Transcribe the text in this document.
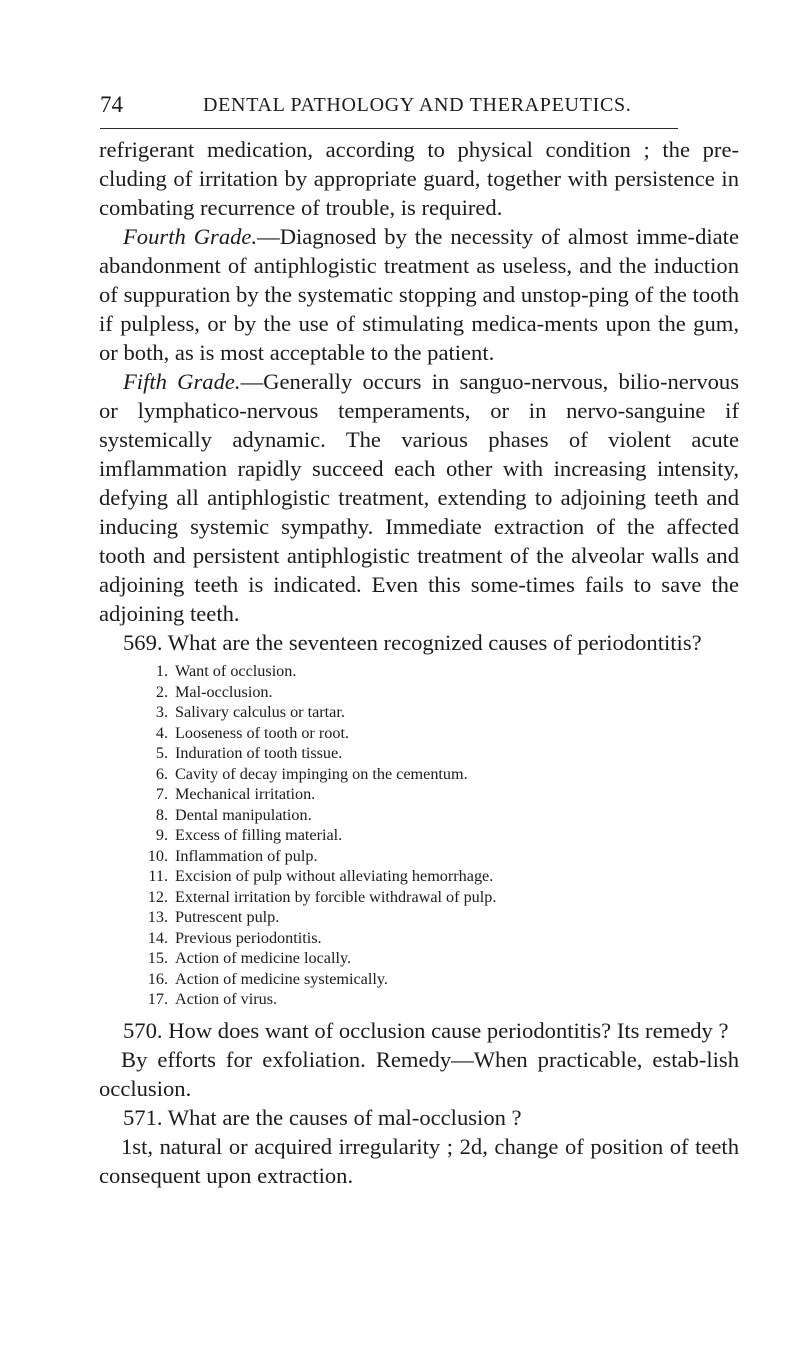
74	DENTAL PATHOLOGY AND THERAPEUTICS.

refrigerant medication, according to physical condition ; the pre-cluding of irritation by appropriate guard, together with persistence in combating recurrence of trouble, is required.

Fourth Grade.—Diagnosed by the necessity of almost imme-diate abandonment of antiphlogistic treatment as useless, and the induction of suppuration by the systematic stopping and unstop-ping of the tooth if pulpless, or by the use of stimulating medica-ments upon the gum, or both, as is most acceptable to the patient.

Fifth Grade.—Generally occurs in sanguo-nervous, bilio-nervous or lymphatico-nervous temperaments, or in nervo-sanguine if systemically adynamic. The various phases of violent acute imflammation rapidly succeed each other with increasing intensity, defying all antiphlogistic treatment, extending to adjoining teeth and inducing systemic sympathy. Immediate extraction of the affected tooth and persistent antiphlogistic treatment of the alveolar walls and adjoining teeth is indicated. Even this some-times fails to save the adjoining teeth.

569. What are the seventeen recognized causes of periodontitis?

1. Want of occlusion.
2. Mal-occlusion.
3. Salivary calculus or tartar.
4. Looseness of tooth or root.
5. Induration of tooth tissue.
6. Cavity of decay impinging on the cementum.
7. Mechanical irritation.
8. Dental manipulation.
9. Excess of filling material.
10. Inflammation of pulp.
11. Excision of pulp without alleviating hemorrhage.
12. External irritation by forcible withdrawal of pulp.
13. Putrescent pulp.
14. Previous periodontitis.
15. Action of medicine locally.
16. Action of medicine systemically.
17. Action of virus.

570. How does want of occlusion cause periodontitis? Its remedy ?

By efforts for exfoliation. Remedy—When practicable, estab-lish occlusion.

571. What are the causes of mal-occlusion ?

1st, natural or acquired irregularity ; 2d, change of position of teeth consequent upon extraction.
